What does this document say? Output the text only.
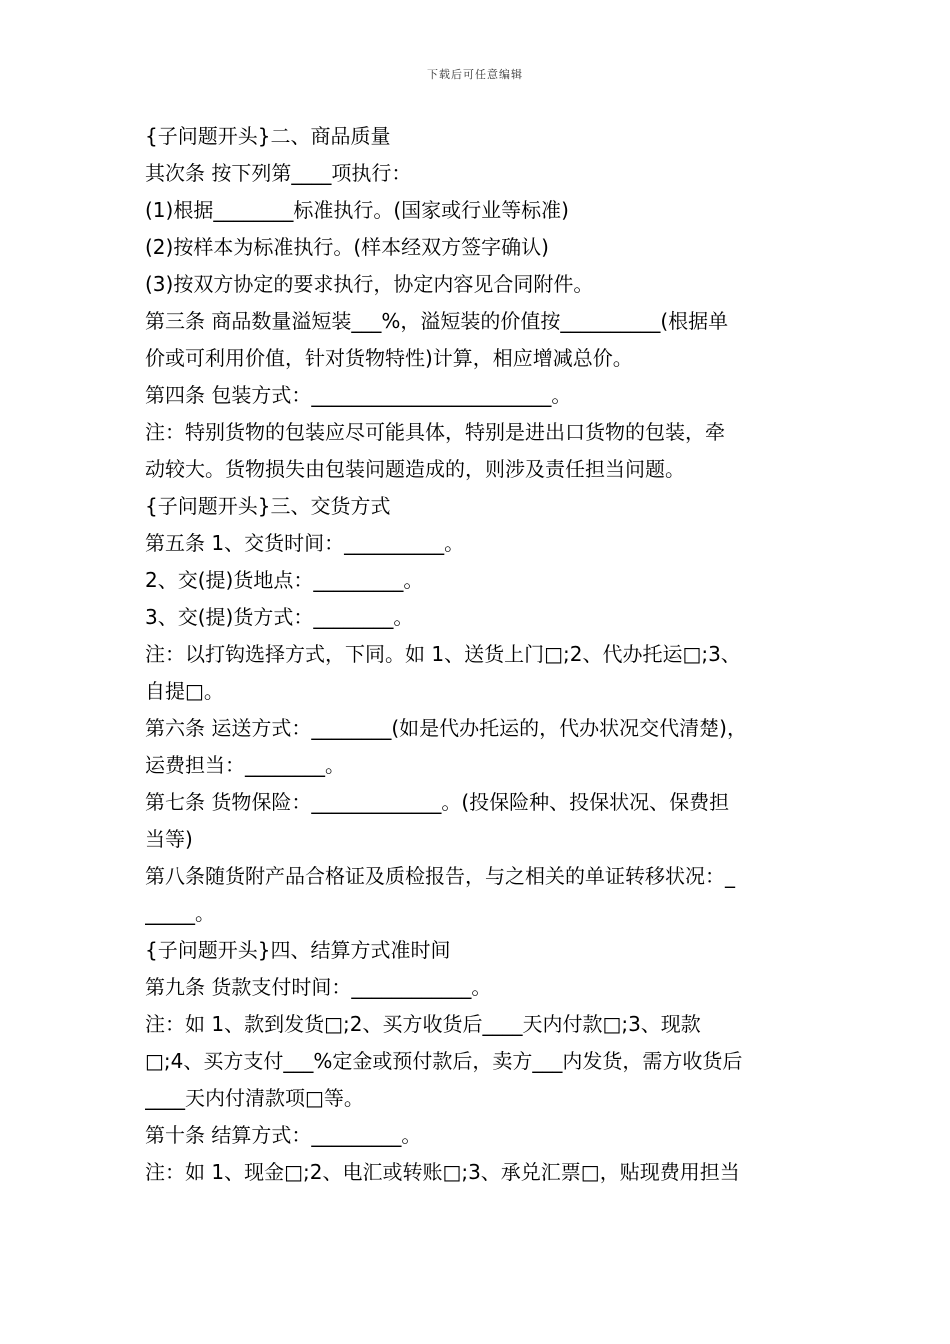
下载后可任意编辑
{子问题开头}二、商品质量
其次条 按下列第____项执行：
(1)根据________标准执行。(国家或行业等标准)
(2)按样本为标准执行。(样本经双方签字确认)
(3)按双方协定的要求执行，协定内容见合同附件。
第三条 商品数量溢短装___%，溢短装的价值按__________(根据单
价或可利用价值，针对货物特性)计算，相应增减总价。
第四条 包装方式：________________________。
注：特别货物的包装应尽可能具体，特别是进出口货物的包装，牵
动较大。货物损失由包装问题造成的，则涉及责任担当问题。
{子问题开头}三、交货方式
第五条 1、交货时间：__________。
2、交(提)货地点：_________。
3、交(提)货方式：________。
注：以打钩选择方式，下同。如 1、送货上门□;2、代办托运□;3、
自提□。
第六条 运送方式：________(如是代办托运的，代办状况交代清楚)，
运费担当：________。
第七条 货物保险：_____________。(投保险种、投保状况、保费担
当等)
第八条随货附产品合格证及质检报告，与之相关的单证转移状况：_
_____。
{子问题开头}四、结算方式准时间
第九条 货款支付时间：____________。
注：如 1、款到发货□;2、买方收货后____天内付款□;3、现款
□;4、买方支付___%定金或预付款后，卖方___内发货，需方收货后
____天内付清款项□等。
第十条 结算方式：_________。
注：如 1、现金□;2、电汇或转账□;3、承兑汇票□，贴现费用担当
